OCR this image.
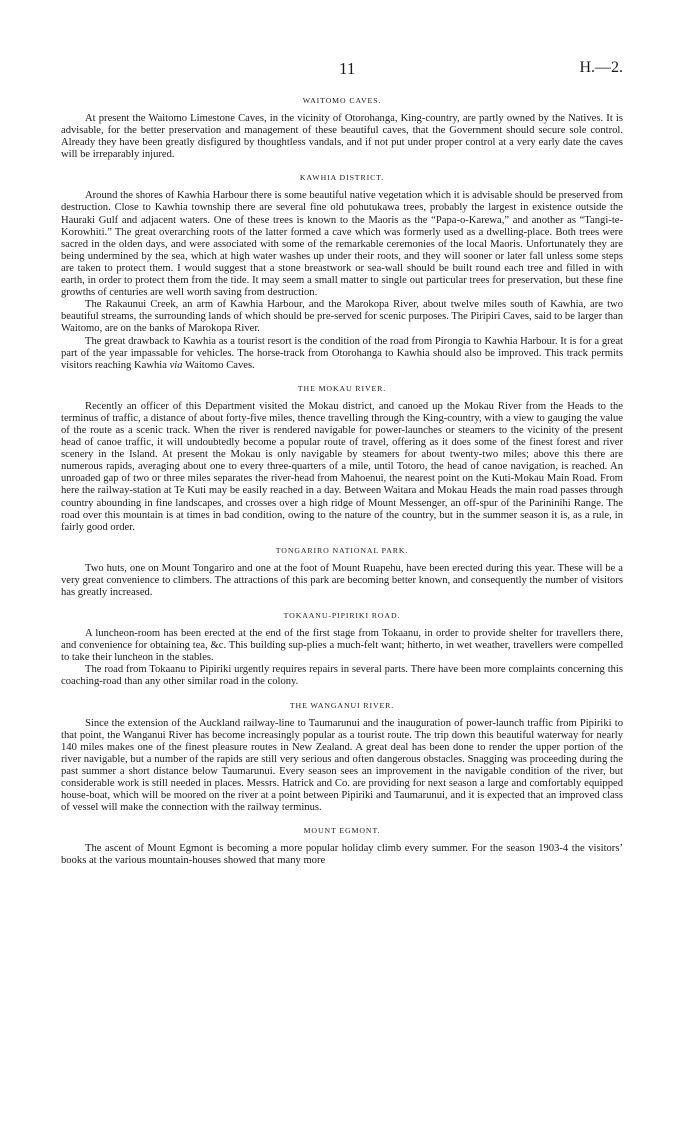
11	H.—2.
WAITOMO CAVES.

At present the Waitomo Limestone Caves, in the vicinity of Otorohanga, King-country, are partly owned by the Natives. It is advisable, for the better preservation and management of these beautiful caves, that the Government should secure sole control. Already they have been greatly disfigured by thoughtless vandals, and if not put under proper control at a very early date the caves will be irreparably injured.

KAWHIA DISTRICT.

Around the shores of Kawhia Harbour there is some beautiful native vegetation which it is advisable should be preserved from destruction. Close to Kawhia township there are several fine old pohutukawa trees, probably the largest in existence outside the Hauraki Gulf and adjacent waters. One of these trees is known to the Maoris as the “Papa-o-Karewa,” and another as “Tangi-te-Korowhiti.” The great overarching roots of the latter formed a cave which was formerly used as a dwelling-place. Both trees were sacred in the olden days, and were associated with some of the remarkable ceremonies of the local Maoris. Unfortunately they are being undermined by the sea, which at high water washes up under their roots, and they will sooner or later fall unless some steps are taken to protect them. I would suggest that a stone breastwork or sea-wall should be built round each tree and filled in with earth, in order to protect them from the tide. It may seem a small matter to single out particular trees for preservation, but these fine growths of centuries are well worth saving from destruction.

The Rakaunui Creek, an arm of Kawhia Harbour, and the Marokopa River, about twelve miles south of Kawhia, are two beautiful streams, the surrounding lands of which should be pre-served for scenic purposes. The Piripiri Caves, said to be larger than Waitomo, are on the banks of Marokopa River.

The great drawback to Kawhia as a tourist resort is the condition of the road from Pirongia to Kawhia Harbour. It is for a great part of the year impassable for vehicles. The horse-track from Otorohanga to Kawhia should also be improved. This track permits visitors reaching Kawhia via Waitomo Caves.

THE MOKAU RIVER.

Recently an officer of this Department visited the Mokau district, and canoed up the Mokau River from the Heads to the terminus of traffic, a distance of about forty-five miles, thence travelling through the King-country, with a view to gauging the value of the route as a scenic track. When the river is rendered navigable for power-launches or steamers to the vicinity of the present head of canoe traffic, it will undoubtedly become a popular route of travel, offering as it does some of the finest forest and river scenery in the Island. At present the Mokau is only navigable by steamers for about twenty-two miles; above this there are numerous rapids, averaging about one to every three-quarters of a mile, until Totoro, the head of canoe navigation, is reached. An unroaded gap of two or three miles separates the river-head from Mahoenui, the nearest point on the Kuti-Mokau Main Road. From here the railway-station at Te Kuti may be easily reached in a day. Between Waitara and Mokau Heads the main road passes through country abounding in fine landscapes, and crosses over a high ridge of Mount Messenger, an off-spur of the Parininihi Range. The road over this mountain is at times in bad condition, owing to the nature of the country, but in the summer season it is, as a rule, in fairly good order.

TONGARIRO NATIONAL PARK.

Two huts, one on Mount Tongariro and one at the foot of Mount Ruapehu, have been erected during this year. These will be a very great convenience to climbers. The attractions of this park are becoming better known, and consequently the number of visitors has greatly increased.

TOKAANU-PIPIRIKI ROAD.

A luncheon-room has been erected at the end of the first stage from Tokaanu, in order to provide shelter for travellers there, and convenience for obtaining tea, &c. This building sup-plies a much-felt want; hitherto, in wet weather, travellers were compelled to take their luncheon in the stables.

The road from Tokaanu to Pipiriki urgently requires repairs in several parts. There have been more complaints concerning this coaching-road than any other similar road in the colony.

THE WANGANUI RIVER.

Since the extension of the Auckland railway-line to Taumarunui and the inauguration of power-launch traffic from Pipiriki to that point, the Wanganui River has become increasingly popular as a tourist route. The trip down this beautiful waterway for nearly 140 miles makes one of the finest pleasure routes in New Zealand. A great deal has been done to render the upper portion of the river navigable, but a number of the rapids are still very serious and often dangerous obstacles. Snagging was proceeding during the past summer a short distance below Taumarunui. Every season sees an improvement in the navigable condition of the river, but considerable work is still needed in places. Messrs. Hatrick and Co. are providing for next season a large and comfortably equipped house-boat, which will be moored on the river at a point between Pipiriki and Taumarunui, and it is expected that an improved class of vessel will make the connection with the railway terminus.

MOUNT EGMONT.

The ascent of Mount Egmont is becoming a more popular holiday climb every summer. For the season 1903-4 the visitors’ books at the various mountain-houses showed that many more
